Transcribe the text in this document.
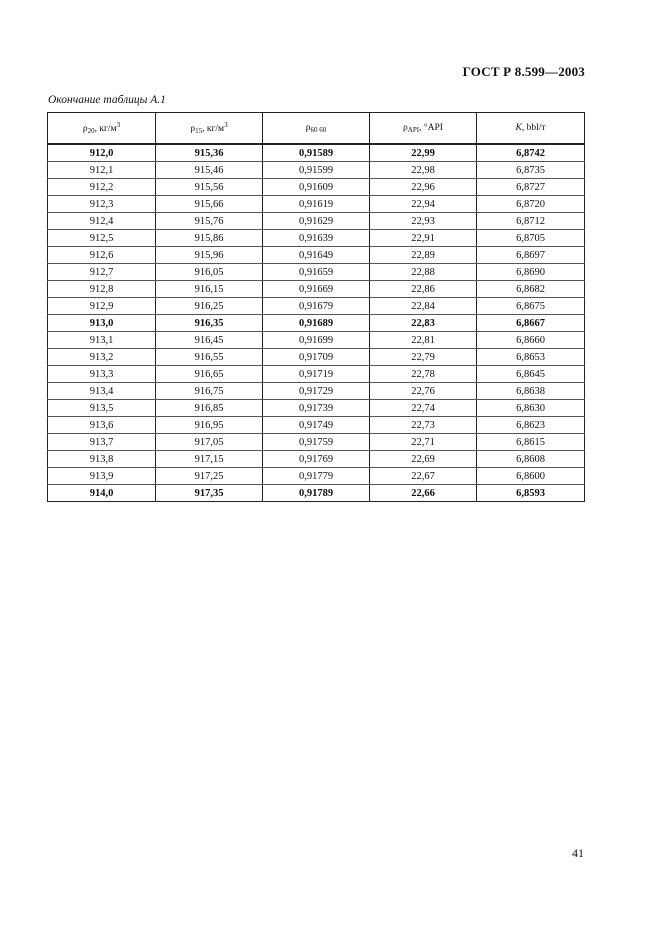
ГОСТ Р 8.599—2003
Окончание таблицы А.1
$\rho_{20}$, $кг/м^3$	$\rho_{15}$, $кг/м^3$	$\rho_{60 60}$	$\rho_{API}$, °API	K, bbl/т
912,0	915,36	0,91589	22,99	6,8742
912,1	915,46	0,91599	22,98	6,8735
912,2	915,56	0,91609	22,96	6,8727
912,3	915,66	0,91619	22,94	6,8720
912,4	915,76	0,91629	22,93	6,8712
912,5	915,86	0,91639	22,91	6,8705
912,6	915,96	0,91649	22,89	6,8697
912,7	916,05	0,91659	22,88	6,8690
912,8	916,15	0,91669	22,86	6,8682
912,9	916,25	0,91679	22,84	6,8675
913,0	916,35	0,91689	22,83	6,8667
913,1	916,45	0,91699	22,81	6,8660
913,2	916,55	0,91709	22,79	6,8653
913,3	916,65	0,91719	22,78	6,8645
913,4	916,75	0,91729	22,76	6,8638
913,5	916,85	0,91739	22,74	6,8630
913,6	916,95	0,91749	22,73	6,8623
913,7	917,05	0,91759	22,71	6,8615
913,8	917,15	0,91769	22,69	6,8608
913,9	917,25	0,91779	22,67	6,8600
914,0	917,35	0,91789	22,66	6,8593
41
